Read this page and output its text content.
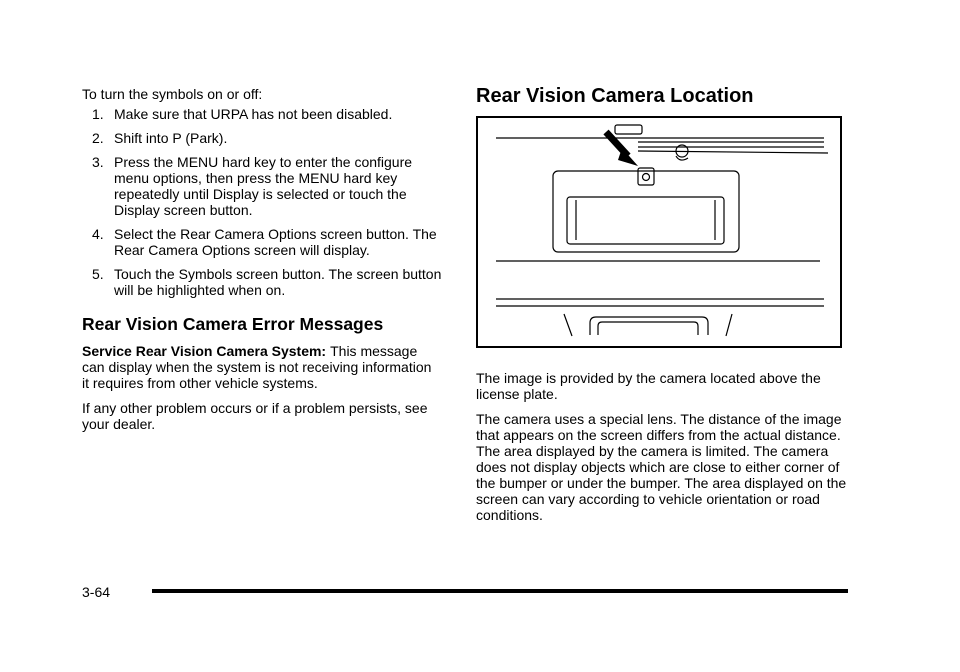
To turn the symbols on or off:

1. Make sure that URPA has not been disabled.
2. Shift into P (Park).
3. Press the MENU hard key to enter the configure menu options, then press the MENU hard key repeatedly until Display is selected or touch the Display screen button.
4. Select the Rear Camera Options screen button. The Rear Camera Options screen will display.
5. Touch the Symbols screen button. The screen button will be highlighted when on.
Rear Vision Camera Error Messages

Service Rear Vision Camera System: This message can display when the system is not receiving information it requires from other vehicle systems.

If any other problem occurs or if a problem persists, see your dealer.

Rear Vision Camera Location

The image is provided by the camera located above the license plate.

The camera uses a special lens. The distance of the image that appears on the screen differs from the actual distance. The area displayed by the camera is limited. The camera does not display objects which are close to either corner of the bumper or under the bumper. The area displayed on the screen can vary according to vehicle orientation or road conditions.

3-64
